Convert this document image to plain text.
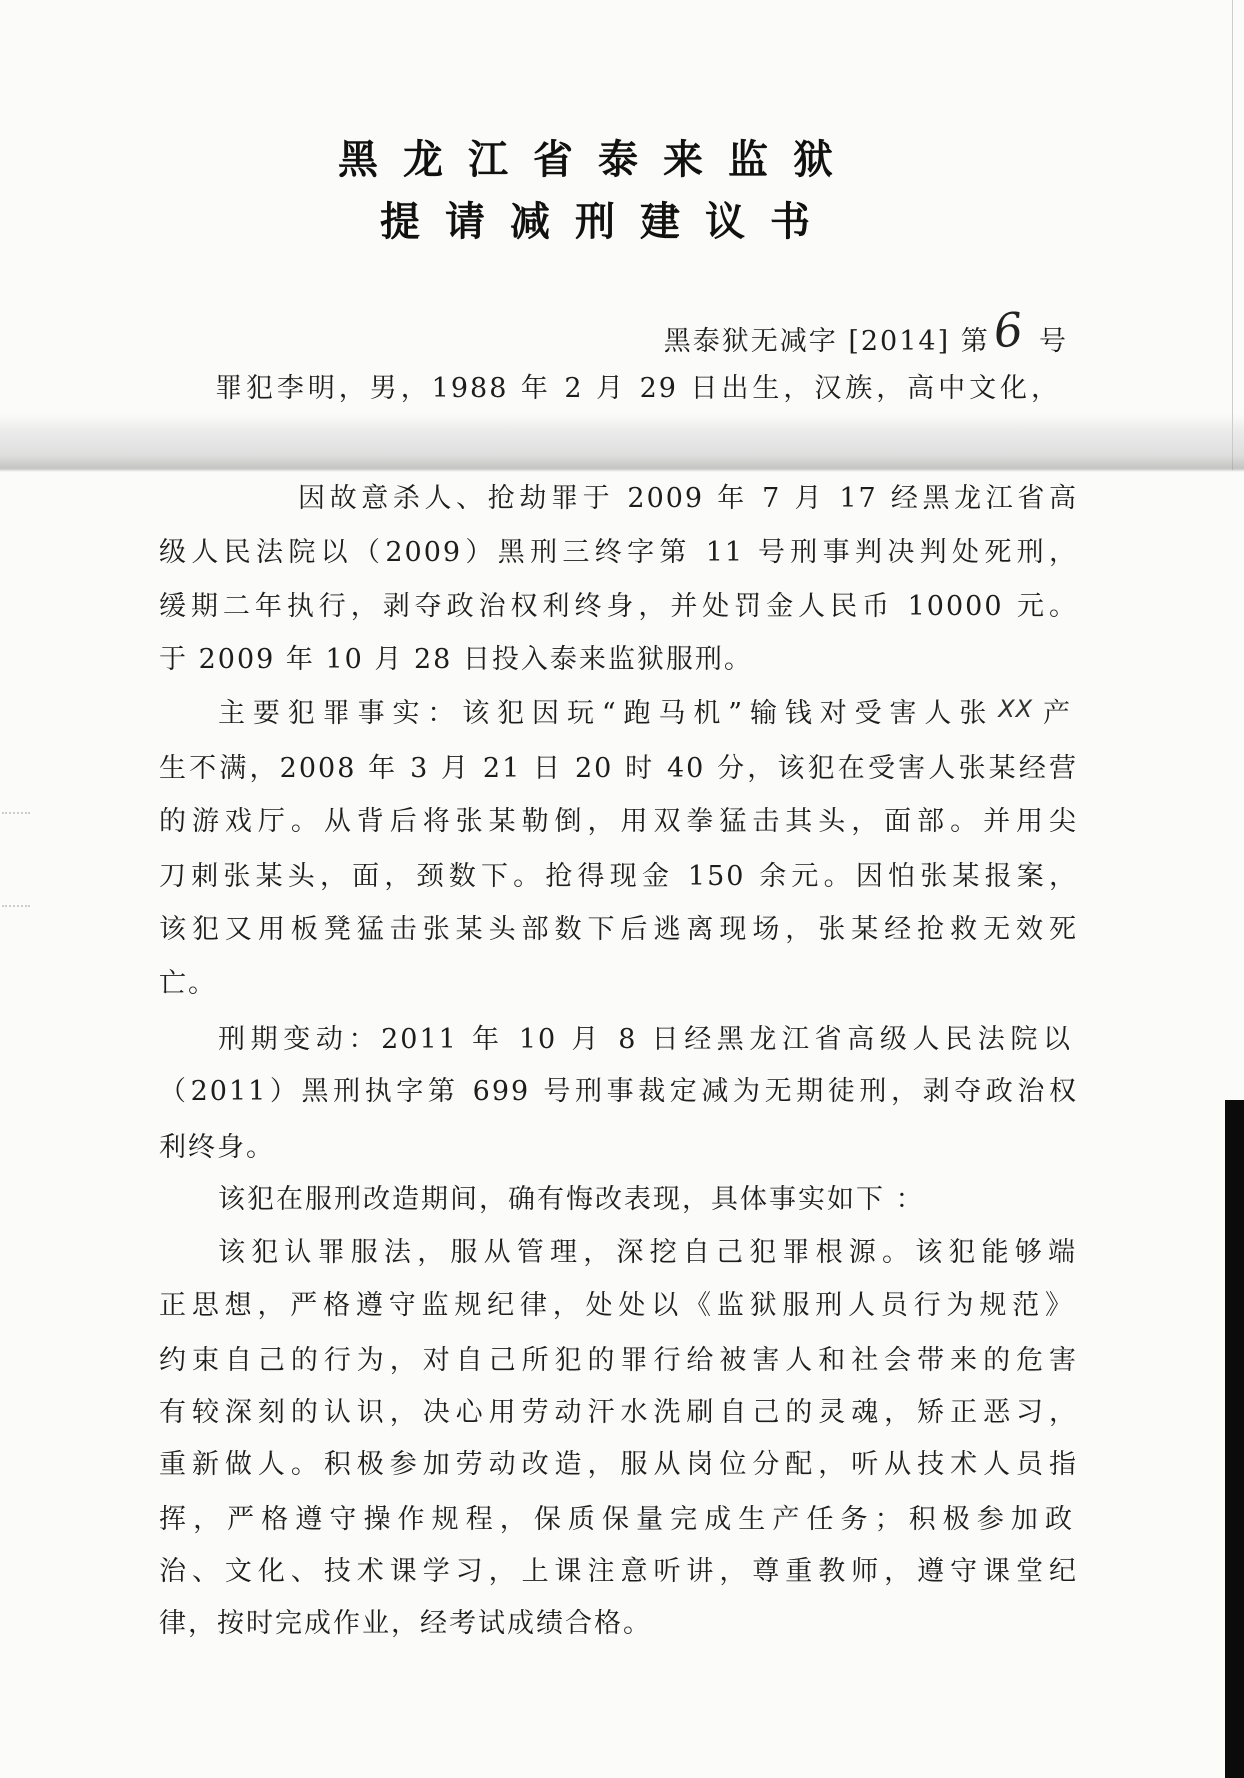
黑龙江省泰来监狱
提请减刑建议书
黑泰狱无减字 [2014] 第6 号
罪犯李明，男，1988 年 2 月 29 日出生，汉族，高中文化，
因故意杀人、抢劫罪于 2009 年 7 月 17 经黑龙江省高
级人民法院以（2009）黑刑三终字第 11 号刑事判决判处死刑，
缓期二年执行，剥夺政治权利终身，并处罚金人民币 10000 元。
于 2009 年 10 月 28 日投入泰来监狱服刑。
主要犯罪事实：该犯因玩“跑马机”输钱对受害人张 XX 产
生不满，2008 年 3 月 21 日 20 时 40 分，该犯在受害人张某经营
的游戏厅。从背后将张某勒倒，用双拳猛击其头，面部。并用尖
刀刺张某头，面，颈数下。抢得现金 150 余元。因怕张某报案，
该犯又用板凳猛击张某头部数下后逃离现场，张某经抢救无效死
亡。
刑期变动：2011 年 10 月 8 日经黑龙江省高级人民法院以
（2011）黑刑执字第 699 号刑事裁定减为无期徒刑，剥夺政治权
利终身。
该犯在服刑改造期间，确有悔改表现，具体事实如下 ：
该犯认罪服法，服从管理，深挖自己犯罪根源。该犯能够端
正思想，严格遵守监规纪律，处处以《监狱服刑人员行为规范》
约束自己的行为，对自己所犯的罪行给被害人和社会带来的危害
有较深刻的认识，决心用劳动汗水洗刷自己的灵魂，矫正恶习，
重新做人。积极参加劳动改造，服从岗位分配，听从技术人员指
挥，严格遵守操作规程，保质保量完成生产任务；积极参加政
治、文化、技术课学习，上课注意听讲，尊重教师，遵守课堂纪
律，按时完成作业，经考试成绩合格。
